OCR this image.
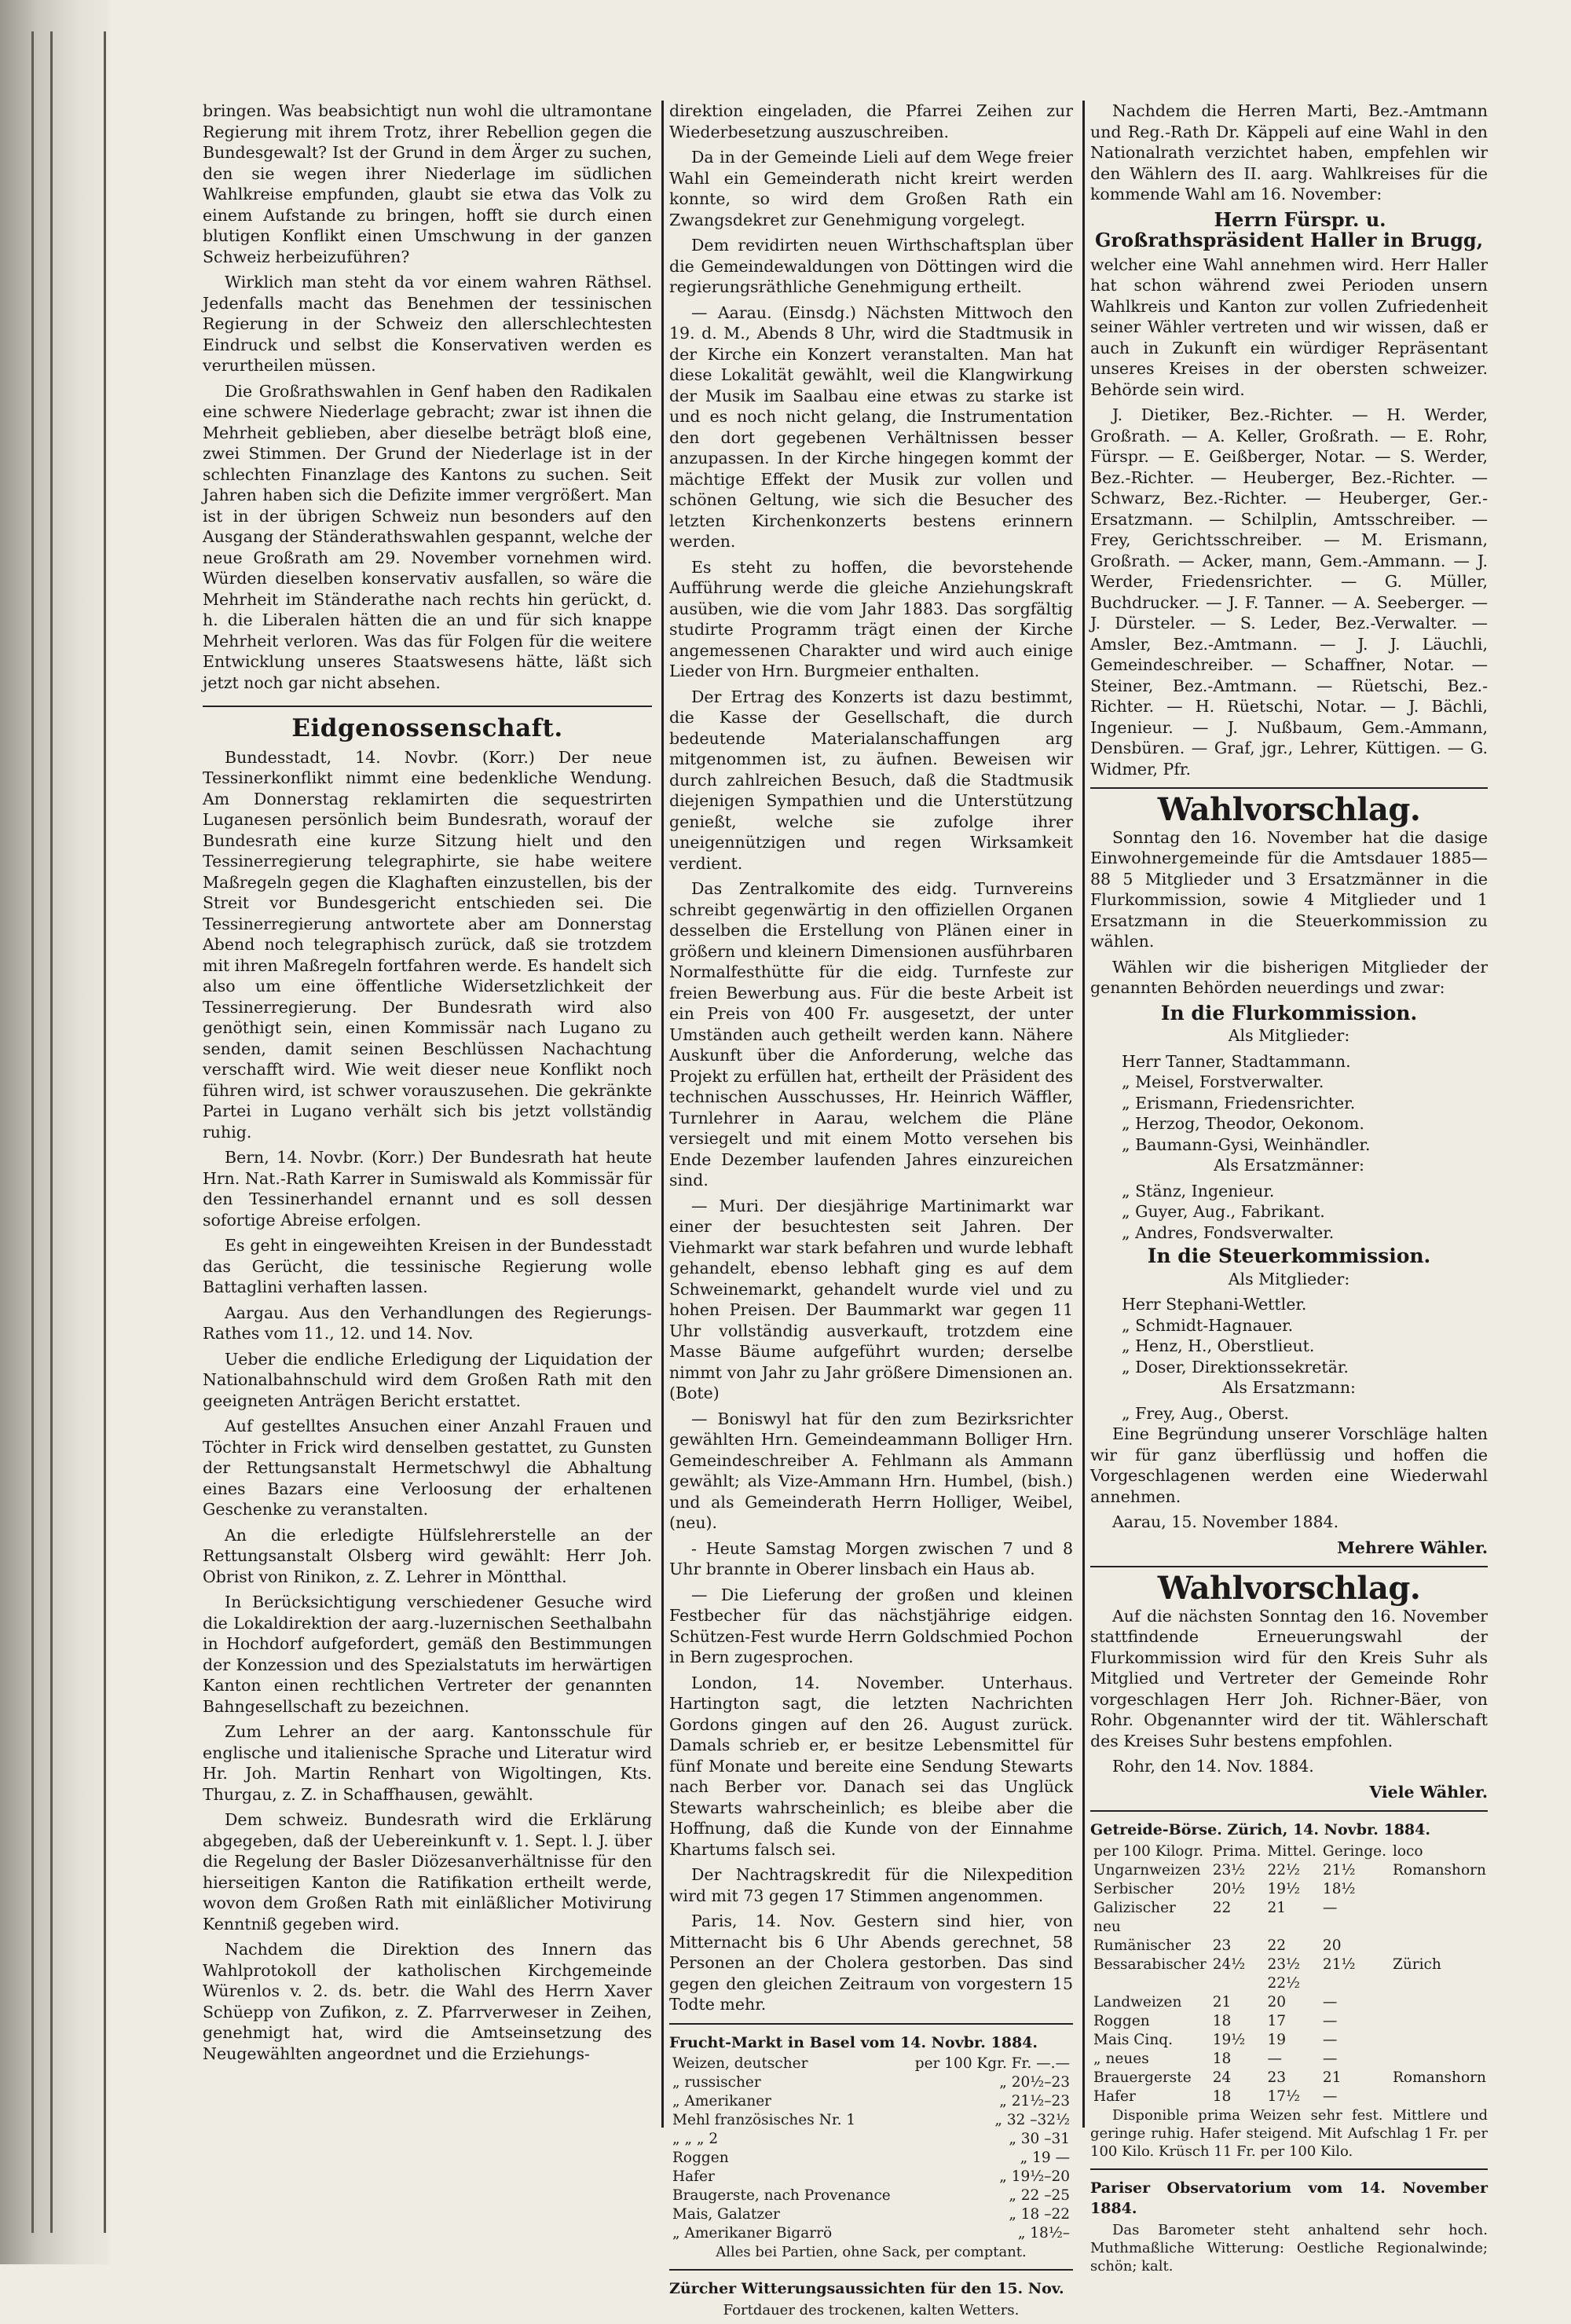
bringen. Was beabsichtigt nun wohl die ultramontane Regierung mit ihrem Trotz, ihrer Rebellion gegen die Bundesgewalt? Ist der Grund in dem Ärger zu suchen, den sie wegen ihrer Niederlage im südlichen Wahlkreise empfunden, glaubt sie etwa das Volk zu einem Aufstande zu bringen, hofft sie durch einen blutigen Konflikt einen Umschwung in der ganzen Schweiz herbeizuführen?

Wirklich man steht da vor einem wahren Räthsel. Jedenfalls macht das Benehmen der tessinischen Regierung in der Schweiz den allerschlechtesten Eindruck und selbst die Konservativen werden es verurtheilen müssen.

Die Großrathswahlen in Genf haben den Radikalen eine schwere Niederlage gebracht; zwar ist ihnen die Mehrheit geblieben, aber dieselbe beträgt bloß eine, zwei Stimmen. Der Grund der Niederlage ist in der schlechten Finanzlage des Kantons zu suchen. Seit Jahren haben sich die Defizite immer vergrößert. Man ist in der übrigen Schweiz nun besonders auf den Ausgang der Ständerathswahlen gespannt, welche der neue Großrath am 29. November vornehmen wird. Würden dieselben konservativ ausfallen, so wäre die Mehrheit im Ständerathe nach rechts hin gerückt, d. h. die Liberalen hätten die an und für sich knappe Mehrheit verloren. Was das für Folgen für die weitere Entwicklung unseres Staatswesens hätte, läßt sich jetzt noch gar nicht absehen.

Eidgenossenschaft.

Bundesstadt, 14. Novbr. (Korr.) Der neue Tessinerkonflikt nimmt eine bedenkliche Wendung. Am Donnerstag reklamirten die sequestrirten Luganesen persönlich beim Bundesrath, worauf der Bundesrath eine kurze Sitzung hielt und den Tessinerregierung telegraphirte, sie habe weitere Maßregeln gegen die Klaghaften einzustellen, bis der Streit vor Bundesgericht entschieden sei. Die Tessinerregierung antwortete aber am Donnerstag Abend noch telegraphisch zurück, daß sie trotzdem mit ihren Maßregeln fortfahren werde. Es handelt sich also um eine öffentliche Widersetzlichkeit der Tessinerregierung. Der Bundesrath wird also genöthigt sein, einen Kommissär nach Lugano zu senden, damit seinen Beschlüssen Nachachtung verschafft wird. Wie weit dieser neue Konflikt noch führen wird, ist schwer vorauszusehen. Die gekränkte Partei in Lugano verhält sich bis jetzt vollständig ruhig.

Bern, 14. Novbr. (Korr.) Der Bundesrath hat heute Hrn. Nat.-Rath Karrer in Sumiswald als Kommissär für den Tessinerhandel ernannt und es soll dessen sofortige Abreise erfolgen.

Es geht in eingeweihten Kreisen in der Bundesstadt das Gerücht, die tessinische Regierung wolle Battaglini verhaften lassen.

Aargau. Aus den Verhandlungen des Regierungs-Rathes vom 11., 12. und 14. Nov.

Ueber die endliche Erledigung der Liquidation der Nationalbahnschuld wird dem Großen Rath mit den geeigneten Anträgen Bericht erstattet.

Auf gestelltes Ansuchen einer Anzahl Frauen und Töchter in Frick wird denselben gestattet, zu Gunsten der Rettungsanstalt Hermetschwyl die Abhaltung eines Bazars eine Verloosung der erhaltenen Geschenke zu veranstalten.

An die erledigte Hülfslehrerstelle an der Rettungsanstalt Olsberg wird gewählt: Herr Joh. Obrist von Rinikon, z. Z. Lehrer in Möntthal.

In Berücksichtigung verschiedener Gesuche wird die Lokaldirektion der aarg.-luzernischen Seethalbahn in Hochdorf aufgefordert, gemäß den Bestimmungen der Konzession und des Spezialstatuts im herwärtigen Kanton einen rechtlichen Vertreter der genannten Bahngesellschaft zu bezeichnen.

Zum Lehrer an der aarg. Kantonsschule für englische und italienische Sprache und Literatur wird Hr. Joh. Martin Renhart von Wigoltingen, Kts. Thurgau, z. Z. in Schaffhausen, gewählt.

Dem schweiz. Bundesrath wird die Erklärung abgegeben, daß der Uebereinkunft v. 1. Sept. l. J. über die Regelung der Basler Diözesanverhältnisse für den hierseitigen Kanton die Ratifikation ertheilt werde, wovon dem Großen Rath mit einläßlicher Motivirung Kenntniß gegeben wird.

Nachdem die Direktion des Innern das Wahlprotokoll der katholischen Kirchgemeinde Würenlos v. 2. ds. betr. die Wahl des Herrn Xaver Schüepp von Zufikon, z. Z. Pfarrverweser in Zeihen, genehmigt hat, wird die Amtseinsetzung des Neugewählten angeordnet und die Erziehungs-

direktion eingeladen, die Pfarrei Zeihen zur Wiederbesetzung auszuschreiben.

Da in der Gemeinde Lieli auf dem Wege freier Wahl ein Gemeinderath nicht kreirt werden konnte, so wird dem Großen Rath ein Zwangsdekret zur Genehmigung vorgelegt.

Dem revidirten neuen Wirthschaftsplan über die Gemeindewaldungen von Döttingen wird die regierungsräthliche Genehmigung ertheilt.

— Aarau. (Einsdg.) Nächsten Mittwoch den 19. d. M., Abends 8 Uhr, wird die Stadtmusik in der Kirche ein Konzert veranstalten. Man hat diese Lokalität gewählt, weil die Klangwirkung der Musik im Saalbau eine etwas zu starke ist und es noch nicht gelang, die Instrumentation den dort gegebenen Verhältnissen besser anzupassen. In der Kirche hingegen kommt der mächtige Effekt der Musik zur vollen und schönen Geltung, wie sich die Besucher des letzten Kirchenkonzerts bestens erinnern werden.

Es steht zu hoffen, die bevorstehende Aufführung werde die gleiche Anziehungskraft ausüben, wie die vom Jahr 1883. Das sorgfältig studirte Programm trägt einen der Kirche angemessenen Charakter und wird auch einige Lieder von Hrn. Burgmeier enthalten.

Der Ertrag des Konzerts ist dazu bestimmt, die Kasse der Gesellschaft, die durch bedeutende Materialanschaffungen arg mitgenommen ist, zu äufnen. Beweisen wir durch zahlreichen Besuch, daß die Stadtmusik diejenigen Sympathien und die Unterstützung genießt, welche sie zufolge ihrer uneigennützigen und regen Wirksamkeit verdient.

Das Zentralkomite des eidg. Turnvereins schreibt gegenwärtig in den offiziellen Organen desselben die Erstellung von Plänen einer in größern und kleinern Dimensionen ausführbaren Normalfesthütte für die eidg. Turnfeste zur freien Bewerbung aus. Für die beste Arbeit ist ein Preis von 400 Fr. ausgesetzt, der unter Umständen auch getheilt werden kann. Nähere Auskunft über die Anforderung, welche das Projekt zu erfüllen hat, ertheilt der Präsident des technischen Ausschusses, Hr. Heinrich Wäffler, Turnlehrer in Aarau, welchem die Pläne versiegelt und mit einem Motto versehen bis Ende Dezember laufenden Jahres einzureichen sind.

— Muri. Der diesjährige Martinimarkt war einer der besuchtesten seit Jahren. Der Viehmarkt war stark befahren und wurde lebhaft gehandelt, ebenso lebhaft ging es auf dem Schweinemarkt, gehandelt wurde viel und zu hohen Preisen. Der Baummarkt war gegen 11 Uhr vollständig ausverkauft, trotzdem eine Masse Bäume aufgeführt wurden; derselbe nimmt von Jahr zu Jahr größere Dimensionen an. (Bote)

— Boniswyl hat für den zum Bezirksrichter gewählten Hrn. Gemeindeammann Bolliger Hrn. Gemeindeschreiber A. Fehlmann als Ammann gewählt; als Vize-Ammann Hrn. Humbel, (bish.) und als Gemeinderath Herrn Holliger, Weibel, (neu).

- Heute Samstag Morgen zwischen 7 und 8 Uhr brannte in Oberer linsbach ein Haus ab.

— Die Lieferung der großen und kleinen Festbecher für das nächstjährige eidgen. Schützen-Fest wurde Herrn Goldschmied Pochon in Bern zugesprochen.

London, 14. November. Unterhaus. Hartington sagt, die letzten Nachrichten Gordons gingen auf den 26. August zurück. Damals schrieb er, er besitze Lebensmittel für fünf Monate und bereite eine Sendung Stewarts nach Berber vor. Danach sei das Unglück Stewarts wahrscheinlich; es bleibe aber die Hoffnung, daß die Kunde von der Einnahme Khartums falsch sei.

Der Nachtragskredit für die Nilexpedition wird mit 73 gegen 17 Stimmen angenommen.

Paris, 14. Nov. Gestern sind hier, von Mitternacht bis 6 Uhr Abends gerechnet, 58 Personen an der Cholera gestorben. Das sind gegen den gleichen Zeitraum von vorgestern 15 Todte mehr.

Frucht-Markt in Basel vom 14. Novbr. 1884.

Weizen, deutscher	per 100 Kgr. Fr. —.—
„ russischer	„ 20½–23
„ Amerikaner	„ 21½–23
Mehl französisches Nr. 1	„ 32 –32½
„ „ „ 2	„ 30 –31
Roggen	„ 19 —
Hafer	„ 19½–20
Braugerste, nach Provenance	„ 22 –25
Mais, Galatzer	„ 18 –22
„ Amerikaner Bigarrö	„ 18½–

Alles bei Partien, ohne Sack, per comptant.

Zürcher Witterungsaussichten für den 15. Nov.

Fortdauer des trockenen, kalten Wetters.

Nachdem die Herren Marti, Bez.-Amtmann und Reg.-Rath Dr. Käppeli auf eine Wahl in den Nationalrath verzichtet haben, empfehlen wir den Wählern des II. aarg. Wahlkreises für die kommende Wahl am 16. November:

Herrn Fürspr. u. Großrathspräsident Haller in Brugg,

welcher eine Wahl annehmen wird. Herr Haller hat schon während zwei Perioden unsern Wahlkreis und Kanton zur vollen Zufriedenheit seiner Wähler vertreten und wir wissen, daß er auch in Zukunft ein würdiger Repräsentant unseres Kreises in der obersten schweizer. Behörde sein wird.

J. Dietiker, Bez.-Richter. — H. Werder, Großrath. — A. Keller, Großrath. — E. Rohr, Fürspr. — E. Geißberger, Notar. — S. Werder, Bez.-Richter. — Heuberger, Bez.-Richter. — Schwarz, Bez.-Richter. — Heuberger, Ger.-Ersatzmann. — Schilplin, Amtsschreiber. — Frey, Gerichtsschreiber. — M. Erismann, Großrath. — Acker, mann, Gem.-Ammann. — J. Werder, Friedensrichter. — G. Müller, Buchdrucker. — J. F. Tanner. — A. Seeberger. — J. Dürsteler. — S. Leder, Bez.-Verwalter. — Amsler, Bez.-Amtmann. — J. J. Läuchli, Gemeindeschreiber. — Schaffner, Notar. — Steiner, Bez.-Amtmann. — Rüetschi, Bez.-Richter. — H. Rüetschi, Notar. — J. Bächli, Ingenieur. — J. Nußbaum, Gem.-Ammann, Densbüren. — Graf, jgr., Lehrer, Küttigen. — G. Widmer, Pfr.

Wahlvorschlag.

Sonntag den 16. November hat die dasige Einwohnergemeinde für die Amtsdauer 1885—88 5 Mitglieder und 3 Ersatzmänner in die Flurkommission, sowie 4 Mitglieder und 1 Ersatzmann in die Steuerkommission zu wählen.

Wählen wir die bisherigen Mitglieder der genannten Behörden neuerdings und zwar:

In die Flurkommission.

Als Mitglieder:

Herr Tanner, Stadtammann.

„ Meisel, Forstverwalter.

„ Erismann, Friedensrichter.

„ Herzog, Theodor, Oekonom.

„ Baumann-Gysi, Weinhändler.

Als Ersatzmänner:

„ Stänz, Ingenieur.

„ Guyer, Aug., Fabrikant.

„ Andres, Fondsverwalter.

In die Steuerkommission.

Als Mitglieder:

Herr Stephani-Wettler.

„ Schmidt-Hagnauer.

„ Henz, H., Oberstlieut.

„ Doser, Direktionssekretär.

Als Ersatzmann:

„ Frey, Aug., Oberst.

Eine Begründung unserer Vorschläge halten wir für ganz überflüssig und hoffen die Vorgeschlagenen werden eine Wiederwahl annehmen.

Aarau, 15. November 1884.

Mehrere Wähler.

Wahlvorschlag.

Auf die nächsten Sonntag den 16. November stattfindende Erneuerungswahl der Flurkommission wird für den Kreis Suhr als Mitglied und Vertreter der Gemeinde Rohr vorgeschlagen Herr Joh. Richner-Bäer, von Rohr. Obgenannter wird der tit. Wählerschaft des Kreises Suhr bestens empfohlen.

Rohr, den 14. Nov. 1884.

Viele Wähler.

Getreide-Börse. Zürich, 14. Novbr. 1884.

per 100 Kilogr.	Prima.	Mittel.	Geringe.	loco
Ungarnweizen	23½	22½	21½	Romanshorn
Serbischer	20½	19½	18½	
Galizischer neu	22	21	—	
Rumänischer	23	22	20	
Bessarabischer	24½	23½ 22½	21½	Zürich
Landweizen	21	20	—	
Roggen	18	17	—	
Mais Cinq.	19½	19	—	
„ neues	18	—	—	
Brauergerste	24	23	21	Romanshorn
Hafer	18	17½	—	

Disponible prima Weizen sehr fest. Mittlere und geringe ruhig. Hafer steigend. Mit Aufschlag 1 Fr. per 100 Kilo. Krüsch 11 Fr. per 100 Kilo.

Pariser Observatorium vom 14. November 1884.

Das Barometer steht anhaltend sehr hoch. Muthmaßliche Witterung: Oestliche Regionalwinde; schön; kalt.
